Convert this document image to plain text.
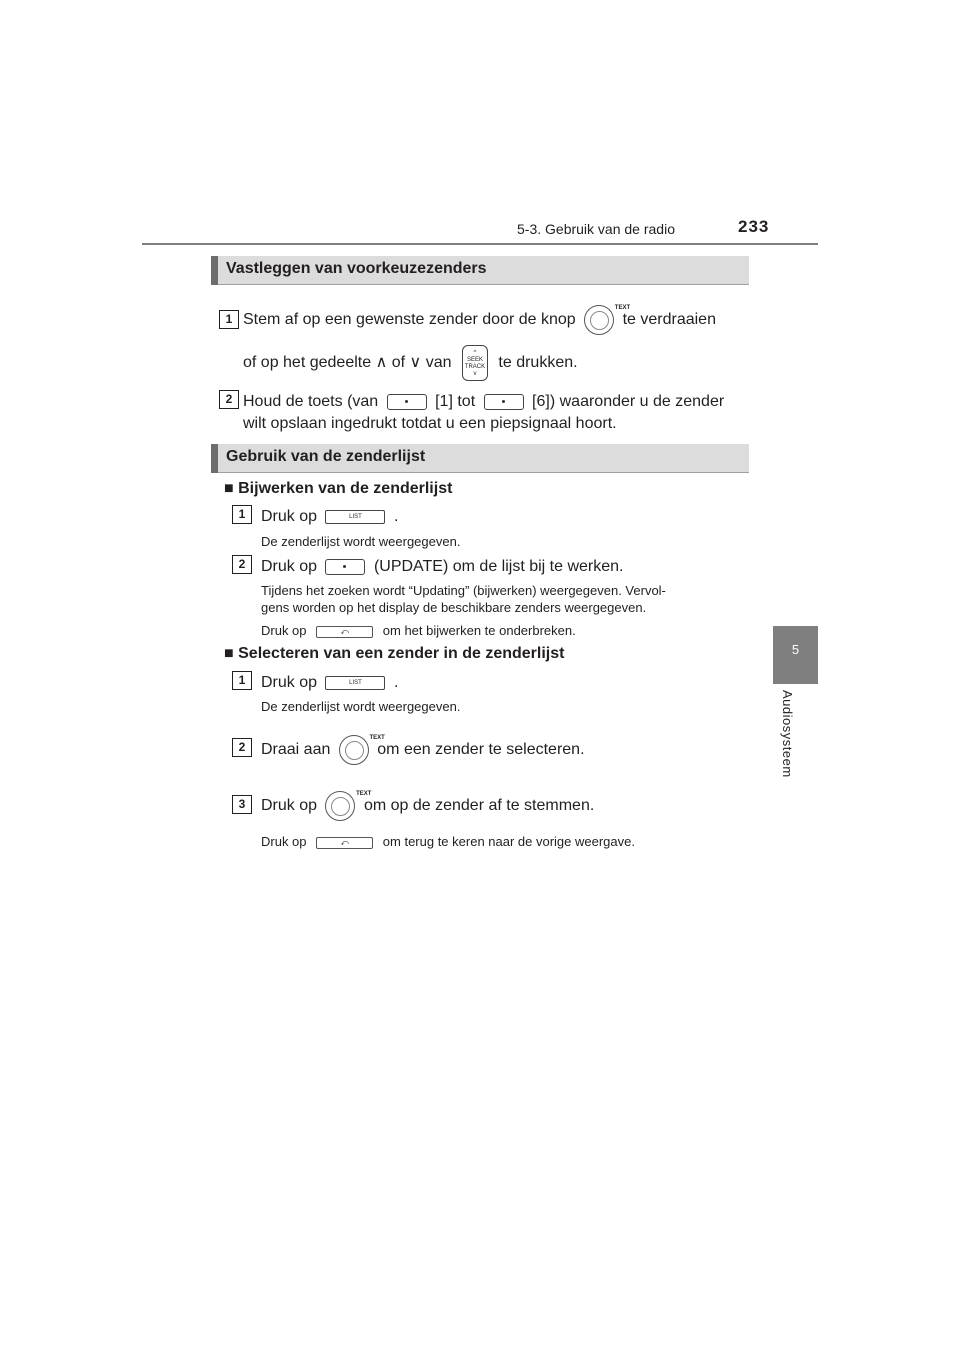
5-3. Gebruik van de radio	233
5
Audiosysteem
Vastleggen van voorkeuzezenders
1 Stem af op een gewenste zender door de knop
TEXT
te verdraaien
of op het gedeelte ∧ of ∨ van ^
SEEK
TRACK
v te drukken.
2 Houd de toets (van	[1] tot	[6]) waaronder u de zender
wilt opslaan ingedrukt totdat u een piepsignaal hoort.
Gebruik van de zenderlijst
■ Bijwerken van de zenderlijst
1 Druk op	LIST .
De zenderlijst wordt weergegeven.
2 Druk op	(UPDATE) om de lijst bij te werken.
Tijdens het zoeken wordt “Updating” (bijwerken) weergegeven. Vervol-
gens worden op het display de beschikbare zenders weergegeven.
Druk op	⤺	om het bijwerken te onderbreken.
■ Selecteren van een zender in de zenderlijst
1 Druk op	LIST .
De zenderlijst wordt weergegeven.
2 Draai aan
TEXT
om een zender te selecteren.
3 Druk op
TEXT
om op de zender af te stemmen.
Druk op	⤺	om terug te keren naar de vorige weergave.
